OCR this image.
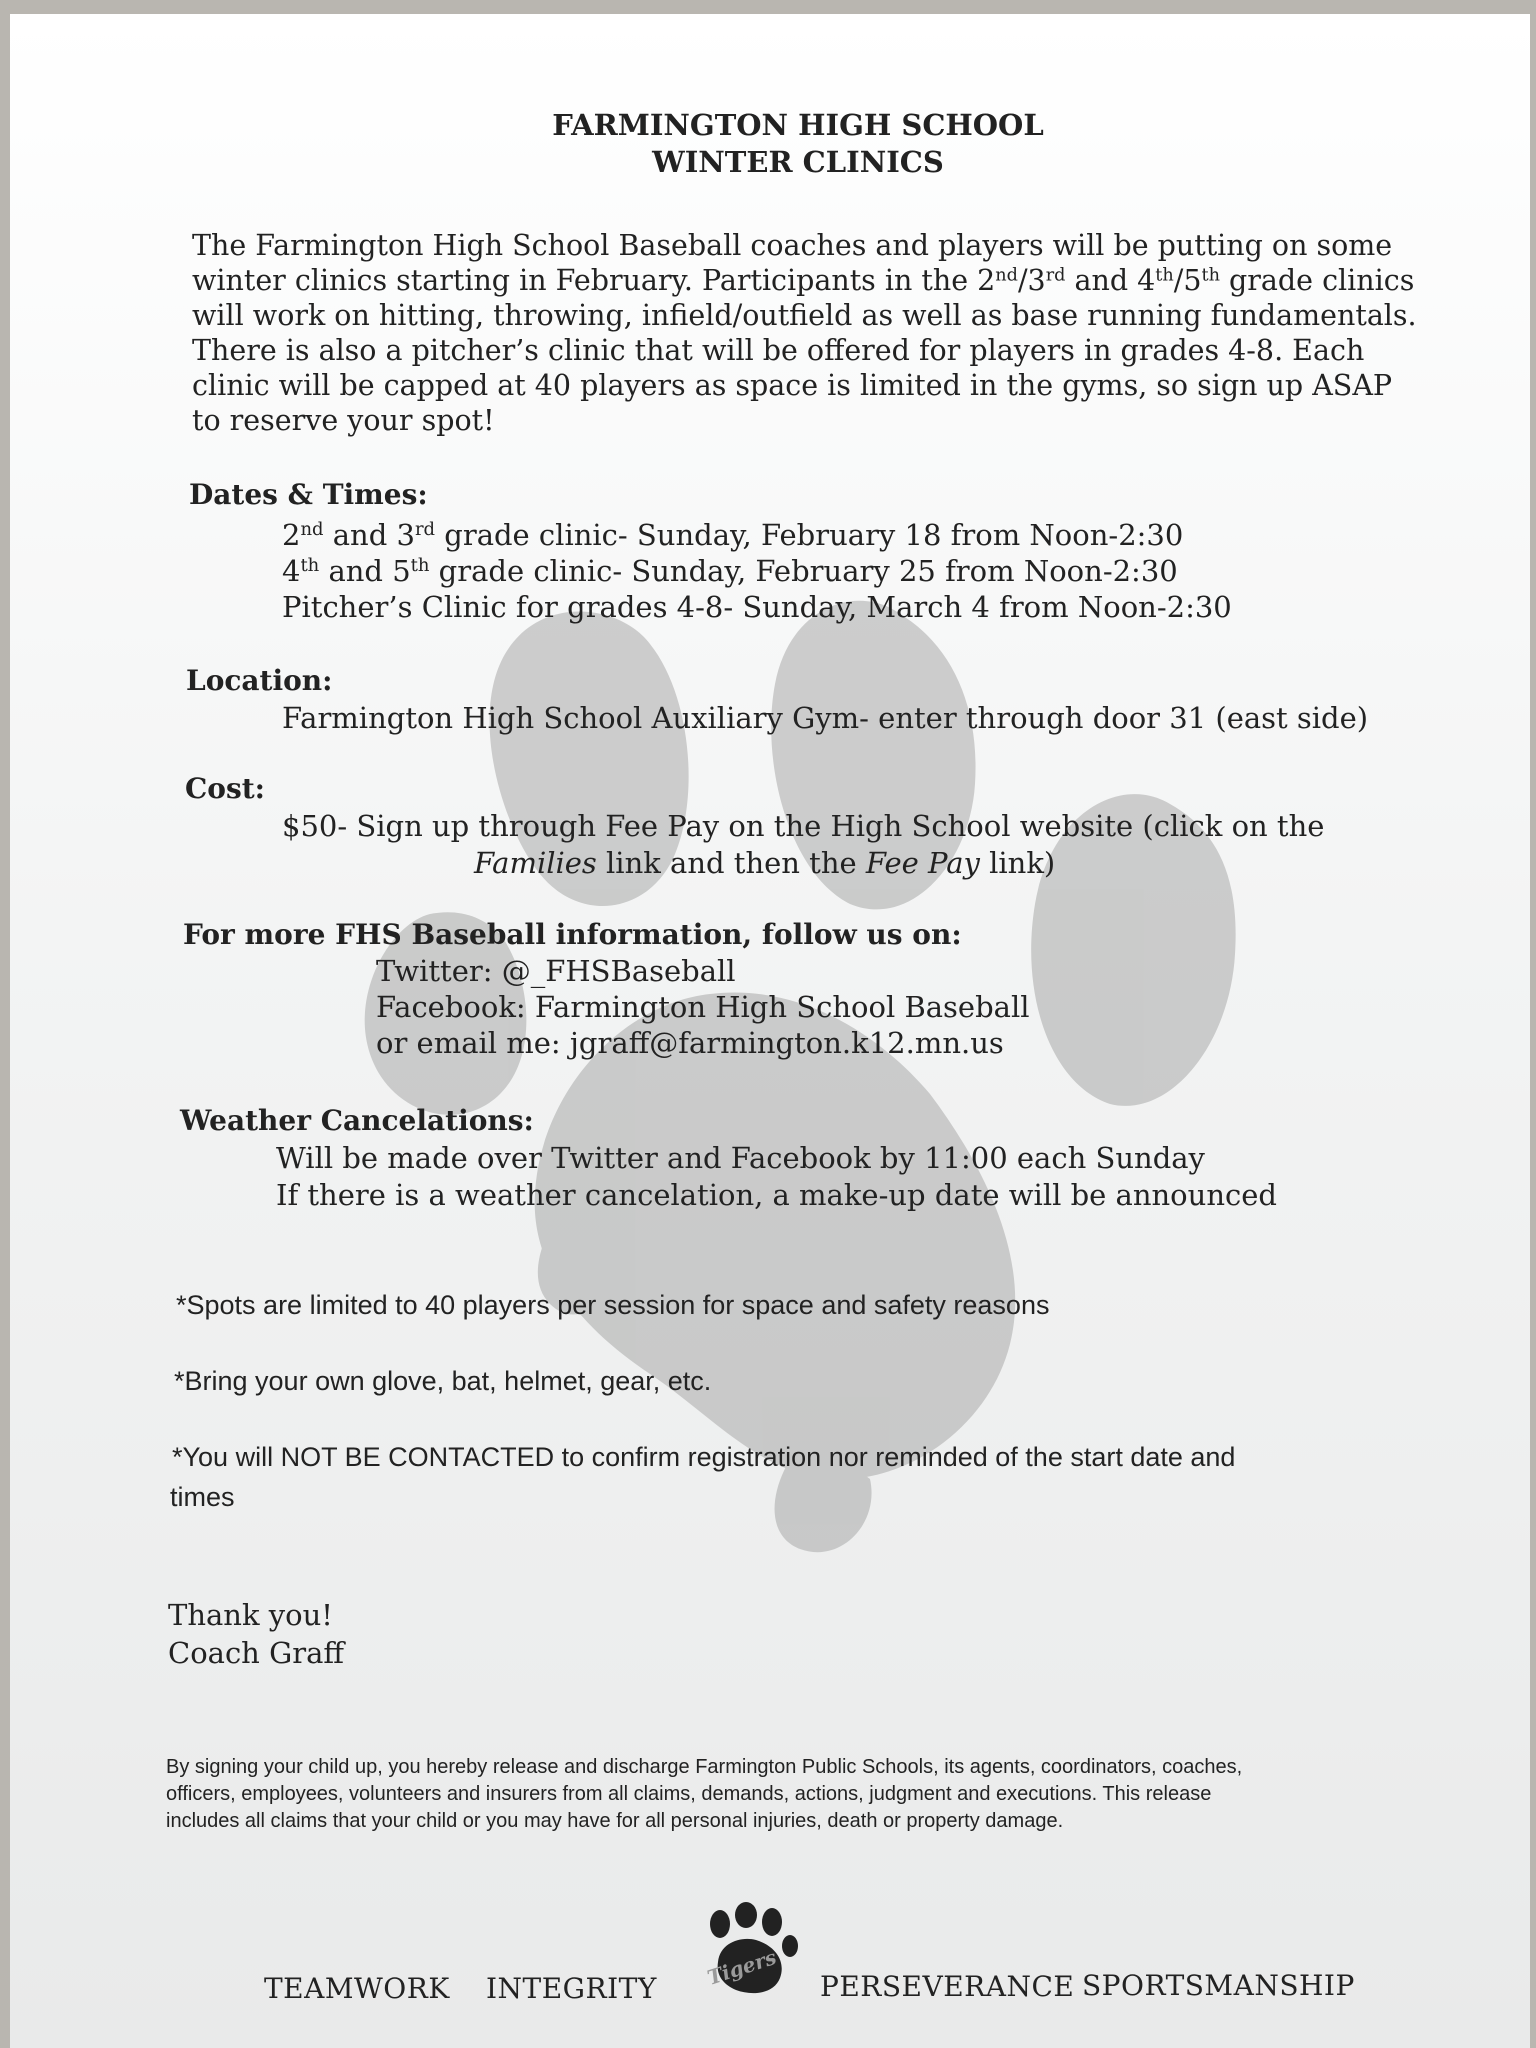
FARMINGTON HIGH SCHOOL
WINTER CLINICS
The Farmington High School Baseball coaches and players will be putting on some winter clinics starting in February. Participants in the 2nd/3rd and 4th/5th grade clinics will work on hitting, throwing, infield/outfield as well as base running fundamentals. There is also a pitcher’s clinic that will be offered for players in grades 4-8. Each clinic will be capped at 40 players as space is limited in the gyms, so sign up ASAP to reserve your spot!
Dates & Times:
2nd and 3rd grade clinic- Sunday, February 18 from Noon-2:30
4th and 5th grade clinic- Sunday, February 25 from Noon-2:30
Pitcher’s Clinic for grades 4-8- Sunday, March 4 from Noon-2:30
Location:
Farmington High School Auxiliary Gym- enter through door 31 (east side)
Cost:
$50- Sign up through Fee Pay on the High School website (click on the
Families link and then the Fee Pay link)
For more FHS Baseball information, follow us on:
Twitter: @_FHSBaseball
Facebook: Farmington High School Baseball
or email me: jgraff@farmington.k12.mn.us
Weather Cancelations:
Will be made over Twitter and Facebook by 11:00 each Sunday
If there is a weather cancelation, a make-up date will be announced
*Spots are limited to 40 players per session for space and safety reasons
*Bring your own glove, bat, helmet, gear, etc.
*You will NOT BE CONTACTED to confirm registration nor reminded of the start date and
times
Thank you!
Coach Graff
By signing your child up, you hereby release and discharge Farmington Public Schools, its agents, coordinators, coaches,
officers, employees, volunteers and insurers from all claims, demands, actions, judgment and executions. This release
includes all claims that your child or you may have for all personal injuries, death or property damage.
TEAMWORK INTEGRITY Tigers PERSEVERANCE SPORTSMANSHIP
